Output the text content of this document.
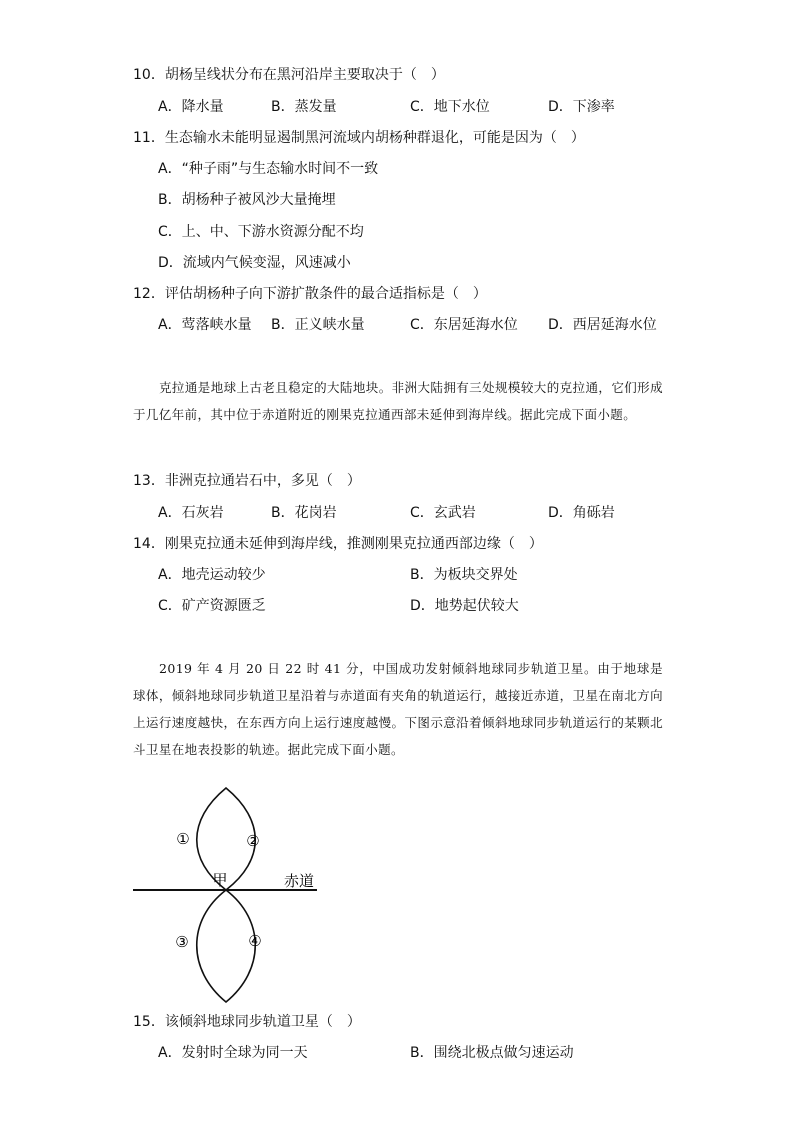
10．胡杨呈线状分布在黑河沿岸主要取决于（　）
A．降水量	B．蒸发量	C．地下水位	D．下渗率
11．生态输水未能明显遏制黑河流域内胡杨种群退化，可能是因为（　）
A．“种子雨”与生态输水时间不一致
B．胡杨种子被风沙大量掩埋
C．上、中、下游水资源分配不均
D．流域内气候变湿，风速减小
12．评估胡杨种子向下游扩散条件的最合适指标是（　）
A．莺落峡水量 B．正义峡水量	C．东居延海水位 D．西居延海水位
克拉通是地球上古老且稳定的大陆地块。非洲大陆拥有三处规模较大的克拉通，它们形成于几亿年前，其中位于赤道附近的刚果克拉通西部未延伸到海岸线。据此完成下面小题。
13．非洲克拉通岩石中，多见（　）
A．石灰岩	B．花岗岩	C．玄武岩	D．角砾岩
14．刚果克拉通未延伸到海岸线，推测刚果克拉通西部边缘（　）
A．地壳运动较少	B．为板块交界处
C．矿产资源匮乏	D．地势起伏较大
2019 年 4 月 20 日 22 时 41 分，中国成功发射倾斜地球同步轨道卫星。由于地球是球体，倾斜地球同步轨道卫星沿着与赤道面有夹角的轨道运行，越接近赤道，卫星在南北方向上运行速度越快，在东西方向上运行速度越慢。下图示意沿着倾斜地球同步轨道运行的某颗北斗卫星在地表投影的轨迹。据此完成下面小题。
①	②
③	④
甲	赤道
15．该倾斜地球同步轨道卫星（　）
A．发射时全球为同一天	B．围绕北极点做匀速运动
